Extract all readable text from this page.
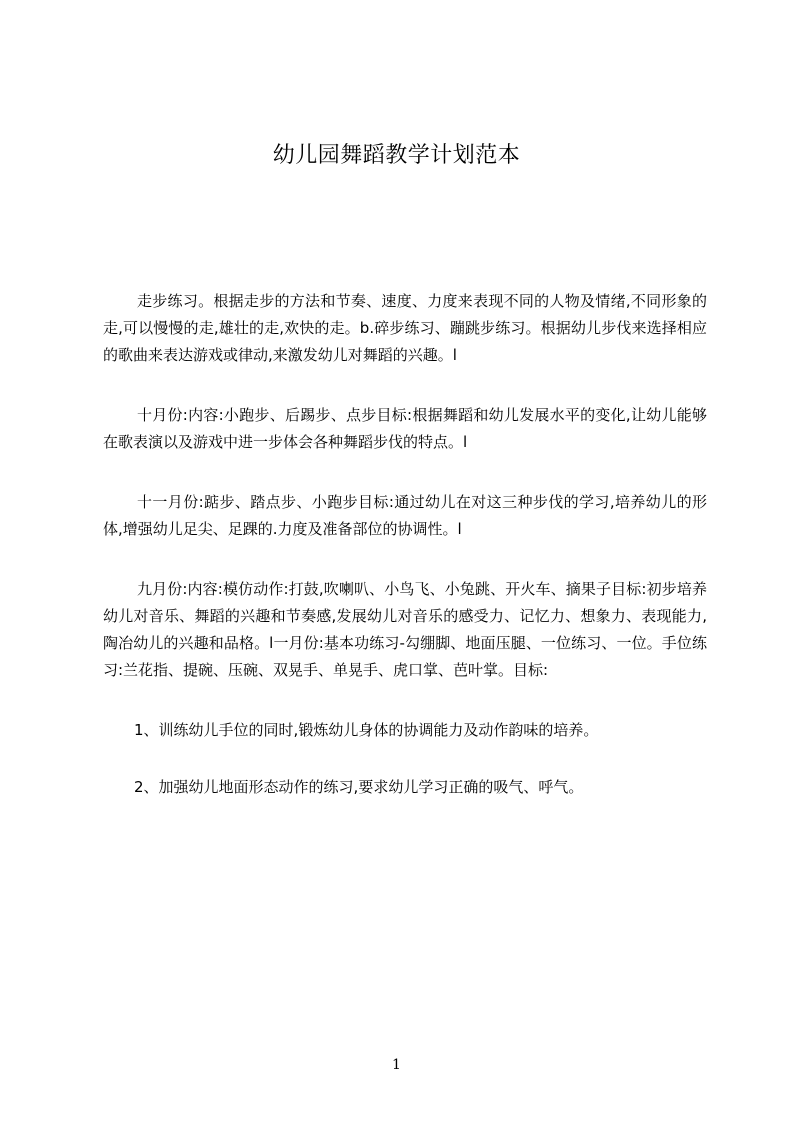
幼儿园舞蹈教学计划范本

走步练习。根据走步的方法和节奏、速度、力度来表现不同的人物及情绪,不同形象的走,可以慢慢的走,雄壮的走,欢快的走。b.碎步练习、蹦跳步练习。根据幼儿步伐来选择相应的歌曲来表达游戏或律动,来激发幼儿对舞蹈的兴趣。l

十月份:内容:小跑步、后踢步、点步目标:根据舞蹈和幼儿发展水平的变化,让幼儿能够在歌表演以及游戏中进一步体会各种舞蹈步伐的特点。l

十一月份:踮步、踏点步、小跑步目标:通过幼儿在对这三种步伐的学习,培养幼儿的形体,增强幼儿足尖、足踝的.力度及准备部位的协调性。l

九月份:内容:模仿动作:打鼓,吹喇叭、小鸟飞、小兔跳、开火车、摘果子目标:初步培养幼儿对音乐、舞蹈的兴趣和节奏感,发展幼儿对音乐的感受力、记忆力、想象力、表现能力,陶冶幼儿的兴趣和品格。l一月份:基本功练习-勾绷脚、地面压腿、一位练习、一位。手位练习:兰花指、提碗、压碗、双晃手、单晃手、虎口掌、芭叶掌。目标:

1、训练幼儿手位的同时,锻炼幼儿身体的协调能力及动作韵味的培养。

2、加强幼儿地面形态动作的练习,要求幼儿学习正确的吸气、呼气。

1
